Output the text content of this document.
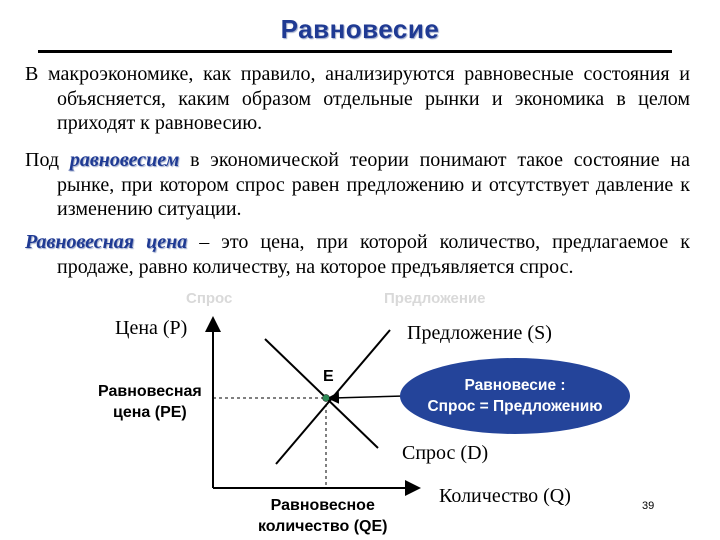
Равновесие
В макроэкономике, как правило, анализируются равновесные состояния и объясняется, каким образом отдельные рынки и экономика в целом приходят к равновесию.
Под равновесием в экономической теории понимают такое состояние на рынке, при котором спрос равен предложению и отсутствует давление к изменению ситуации.
Равновесная цена – это цена, при которой количество, предлагаемое к продаже, равно количеству, на которое предъявляется спрос.
Спрос	Предложение
Цена (P)	Предложение (S)
Спрос (D)
Количество (Q)
E
Равновесная
цена (PE)
Равновесное
количество (QE)
Равновесие :
Спрос = Предложению
39
